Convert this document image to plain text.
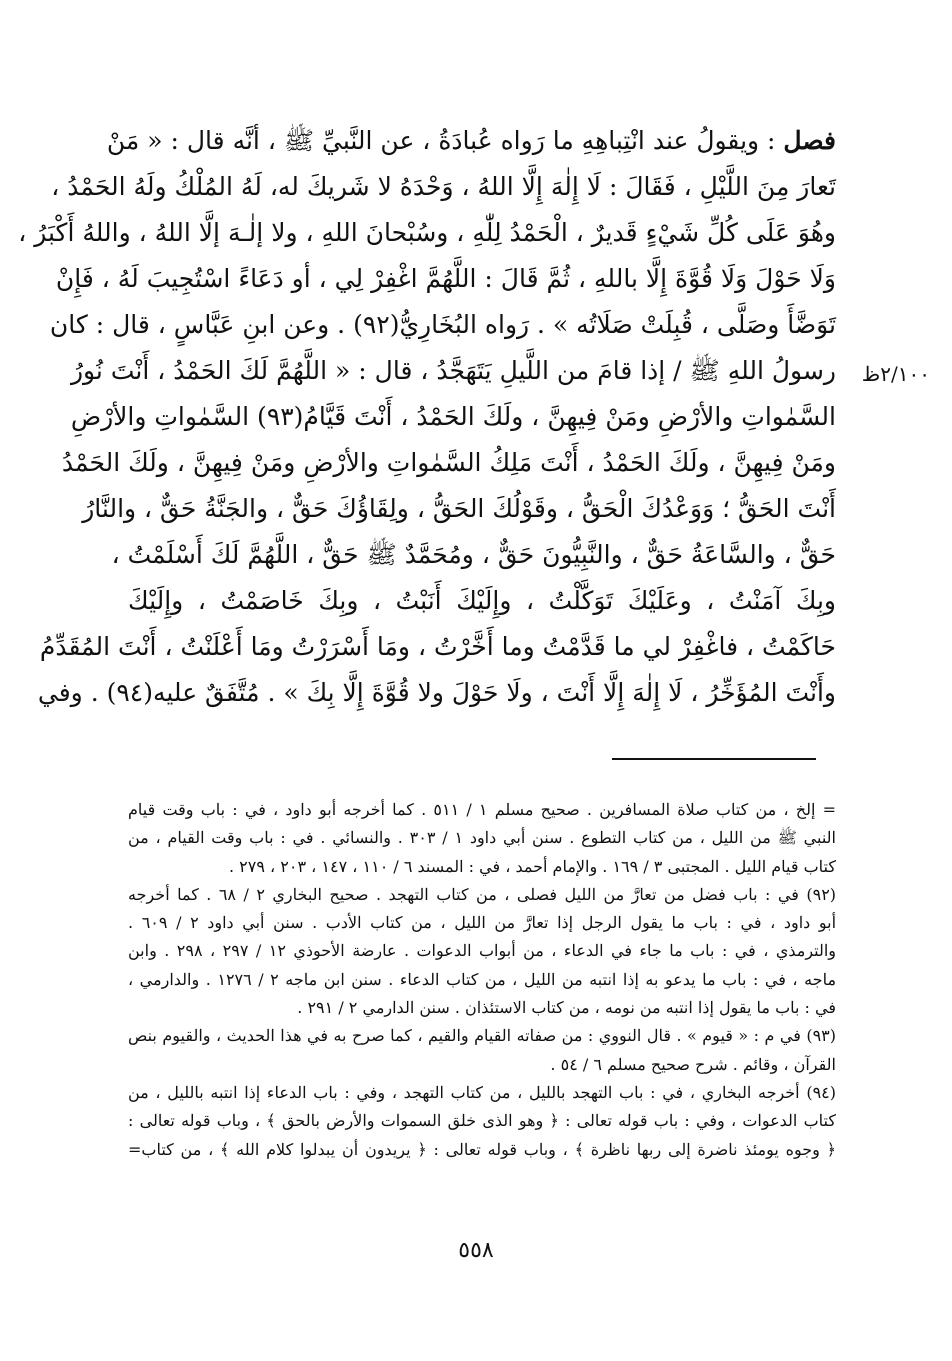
٢/١٠٠ظ
فصل : ويقولُ عند انْتِباهِهِ ما رَواه عُبادَةُ ، عن النَّبيِّ ﷺ ، أنَّه قال : « مَنْ
تَعارَ مِنَ اللَّيْلِ ، فَقَالَ : لَا إِلٰهَ إِلَّا اللهُ ، وَحْدَهُ لا شَريكَ له، لَهُ المُلْكُ ولَهُ الحَمْدُ ،
وهُوَ عَلَى كُلِّ شَيْءٍ قَديرٌ ، الْحَمْدُ لِلّٰهِ ، وسُبْحانَ اللهِ ، ولا إلٰـهَ إلَّا اللهُ ، واللهُ أَكْبَرُ ،
وَلَا حَوْلَ وَلَا قُوَّةَ إِلَّا باللهِ ، ثُمَّ قَالَ : اللَّهُمَّ اغْفِرْ لِي ، أو دَعَاءً اسْتُجِيبَ لَهُ ، فَإِنْ
تَوَضَّأَ وصَلَّى ، قُبِلَتْ صَلَاتُه » . رَواه البُخَارِيُّ(٩٢) . وعن ابنِ عَبَّاسٍ ، قال : كان
رسولُ اللهِ ﷺ / إذا قامَ من اللَّيلِ يَتَهَجَّدُ ، قال : « اللَّهُمَّ لَكَ الحَمْدُ ، أَنْتَ نُورُ
السَّمٰواتِ والأرْضِ ومَنْ فِيهِنَّ ، ولَكَ الحَمْدُ ، أَنْتَ قَيَّامُ(٩٣) السَّمٰواتِ والأرْضِ
ومَنْ فِيهِنَّ ، ولَكَ الحَمْدُ ، أَنْتَ مَلِكُ السَّمٰواتِ والأرْضِ ومَنْ فِيهِنَّ ، ولَكَ الحَمْدُ
أَنْتَ الحَقُّ ؛ وَوَعْدُكَ الْحَقُّ ، وقَوْلُكَ الحَقُّ ، ولِقَاؤُكَ حَقٌّ ، والجَنَّةُ حَقٌّ ، والنَّارُ
حَقٌّ ، والسَّاعَةُ حَقٌّ ، والنَّبِيُّونَ حَقٌّ ، ومُحَمَّدٌ ﷺ حَقٌّ ، اللَّهُمَّ لَكَ أَسْلَمْتُ ،
وبِكَ آمَنْتُ ، وعَلَيْكَ تَوَكَّلْتُ ، وإِلَيْكَ أَنَبْتُ ، وبِكَ خَاصَمْتُ ، وإِلَيْكَ
حَاكَمْتُ ، فاغْفِرْ لي ما قَدَّمْتُ وما أَخَّرْتُ ، ومَا أَسْرَرْتُ ومَا أَعْلَنْتُ ، أَنْتَ المُقَدِّمُ
وأَنْتَ المُؤَخِّرُ ، لَا إِلٰهَ إِلَّا أَنْتَ ، ولَا حَوْلَ ولا قُوَّةَ إِلَّا بِكَ » . مُتَّفَقٌ عليه(٩٤) . وفي
= إلخ ، من كتاب صلاة المسافرين . صحيح مسلم ١ / ٥١١ . كما أخرجه أبو داود ، في : باب وقت قيام
النبي ﷺ من الليل ، من كتاب التطوع . سنن أبي داود ١ / ٣٠٣ . والنسائي . في : باب وقت القيام ، من
كتاب قيام الليل . المجتبى ٣ / ١٦٩ . والإمام أحمد ، في : المسند ٦ / ١١٠ ، ١٤٧ ، ٢٠٣ ، ٢٧٩ .
(٩٢) في : باب فضل من تعارَّ من الليل فصلى ، من كتاب التهجد . صحيح البخاري ٢ / ٦٨ . كما أخرجه
أبو داود ، في : باب ما يقول الرجل إذا تعارَّ من الليل ، من كتاب الأدب . سنن أبي داود ٢ / ٦٠٩ .
والترمذي ، في : باب ما جاء في الدعاء ، من أبواب الدعوات . عارضة الأحوذي ١٢ / ٢٩٧ ، ٢٩٨ . وابن
ماجه ، في : باب ما يدعو به إذا انتبه من الليل ، من كتاب الدعاء . سنن ابن ماجه ٢ / ١٢٧٦ . والدارمي ،
في : باب ما يقول إذا انتبه من نومه ، من كتاب الاستئذان . سنن الدارمي ٢ / ٢٩١ .
(٩٣) في م : « قيوم » . قال النووي : من صفاته القيام والقيم ، كما صرح به في هذا الحديث ، والقيوم بنص
القرآن ، وقائم . شرح صحيح مسلم ٦ / ٥٤ .
(٩٤) أخرجه البخاري ، في : باب التهجد بالليل ، من كتاب التهجد ، وفي : باب الدعاء إذا انتبه بالليل ، من
كتاب الدعوات ، وفي : باب قوله تعالى : ﴿ وهو الذى خلق السموات والأرض بالحق ﴾ ، وباب قوله تعالى :
﴿ وجوه يومئذ ناضرة إلى ربها ناظرة ﴾ ، وباب قوله تعالى : ﴿ يريدون أن يبدلوا كلام الله ﴾ ، من كتاب=
٥٥٨
